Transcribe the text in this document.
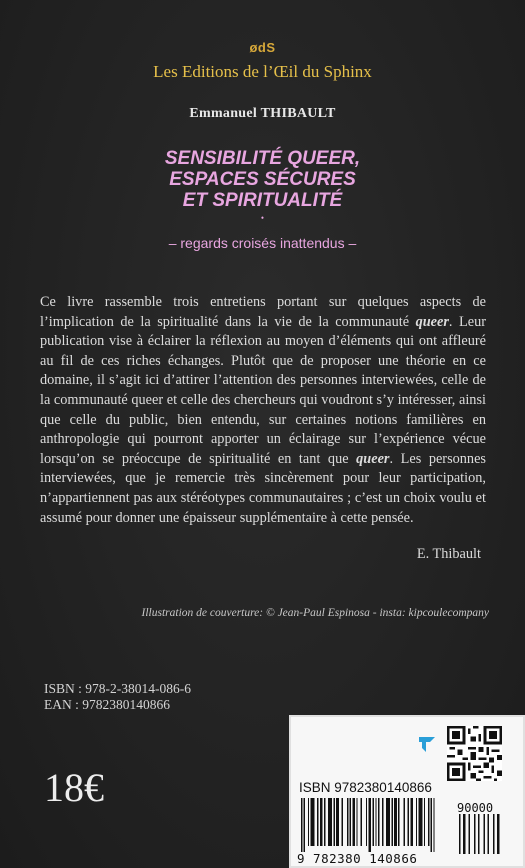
ødS
Les Editions de l’Œil du Sphinx
Emmanuel THIBAULT
SENSIBILITÉ QUEER,
ESPACES SÉCURES
ET SPIRITUALITÉ
•
– regards croisés inattendus –

Ce livre rassemble trois entretiens portant sur quelques aspects de l’implication de la spiritualité dans la vie de la communauté queer. Leur publication vise à éclairer la réflexion au moyen d’éléments qui ont affleuré au fil de ces riches échanges. Plutôt que de proposer une théorie en ce domaine, il s’agit ici d’attirer l’attention des personnes interviewées, celle de la communauté queer et celle des chercheurs qui voudront s’y intéresser, ainsi que celle du public, bien entendu, sur certaines notions familières en anthropologie qui pourront apporter un éclairage sur l’expérience vécue lorsqu’on se préoccupe de spiritualité en tant que queer. Les personnes interviewées, que je remercie très sincèrement pour leur participation, n’appartiennent pas aux stéréotypes communautaires ; c’est un choix voulu et assumé pour donner une épaisseur supplémentaire à cette pensée.

E. Thibault
Illustration de couverture: © Jean-Paul Espinosa - insta: kipcoulecompany
ISBN : 978-2-38014-086-6
EAN : 9782380140866
18€	ISBN 9782380140866
90000
9 782380 140866
